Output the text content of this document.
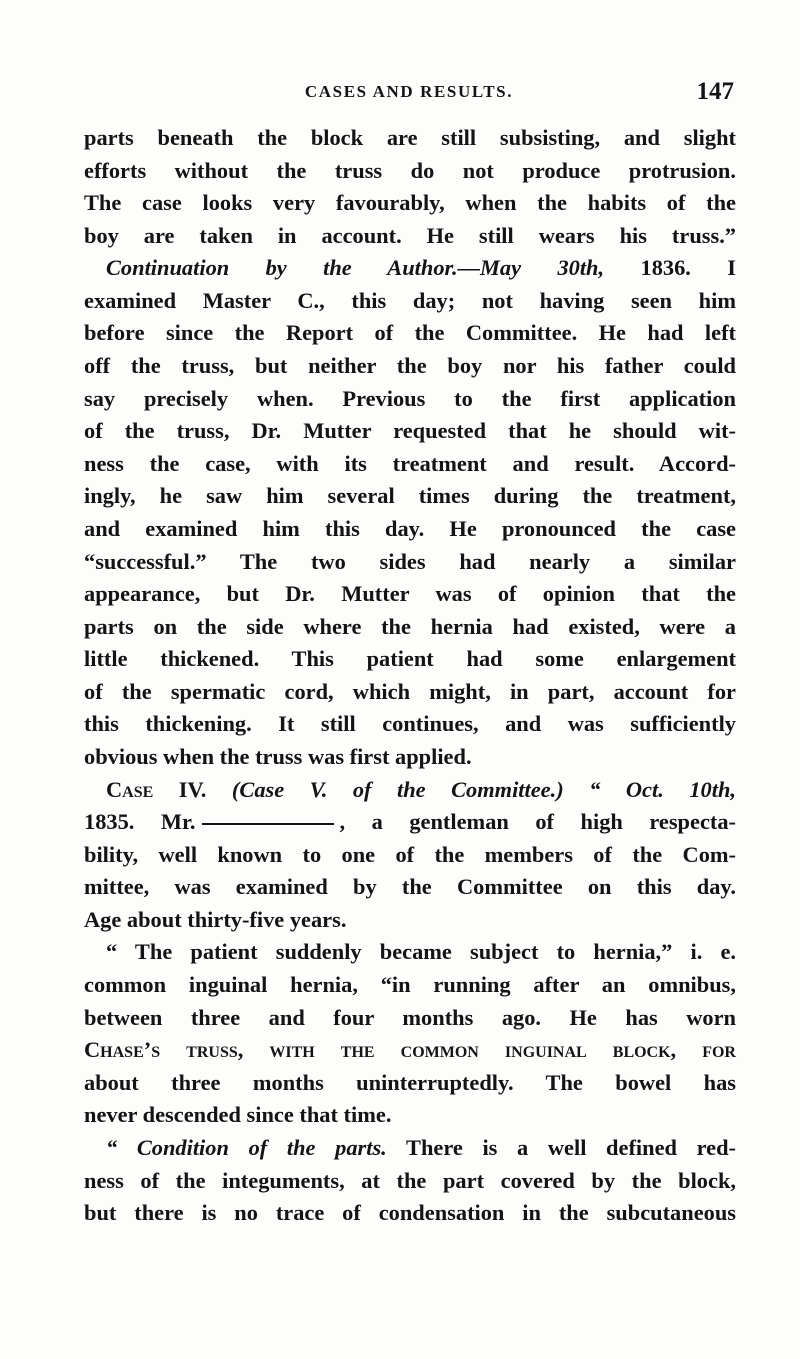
CASES AND RESULTS.	147
parts beneath the block are still subsisting, and slight
efforts without the truss do not produce protrusion.
The case looks very favourably, when the habits of the
boy are taken in account. He still wears his truss.”
Continuation by the Author.—May 30th, 1836. I
examined Master C., this day; not having seen him
before since the Report of the Committee. He had left
off the truss, but neither the boy nor his father could
say precisely when. Previous to the first application
of the truss, Dr. Mutter requested that he should wit-
ness the case, with its treatment and result. Accord-
ingly, he saw him several times during the treatment,
and examined him this day. He pronounced the case
“successful.” The two sides had nearly a similar
appearance, but Dr. Mutter was of opinion that the
parts on the side where the hernia had existed, were a
little thickened. This patient had some enlargement
of the spermatic cord, which might, in part, account for
this thickening. It still continues, and was sufficiently
obvious when the truss was first applied.
Case IV. (Case V. of the Committee.) “ Oct. 10th,
1835. Mr.	, a gentleman of high respecta-
bility, well known to one of the members of the Com-
mittee, was examined by the Committee on this day.
Age about thirty-five years.
“ The patient suddenly became subject to hernia,” i. e.
common inguinal hernia, “in running after an omnibus,
between three and four months ago. He has worn
Chase’s truss, with the common inguinal block, for
about three months uninterruptedly. The bowel has
never descended since that time.
“ Condition of the parts. There is a well defined red-
ness of the integuments, at the part covered by the block,
but there is no trace of condensation in the subcutaneous
